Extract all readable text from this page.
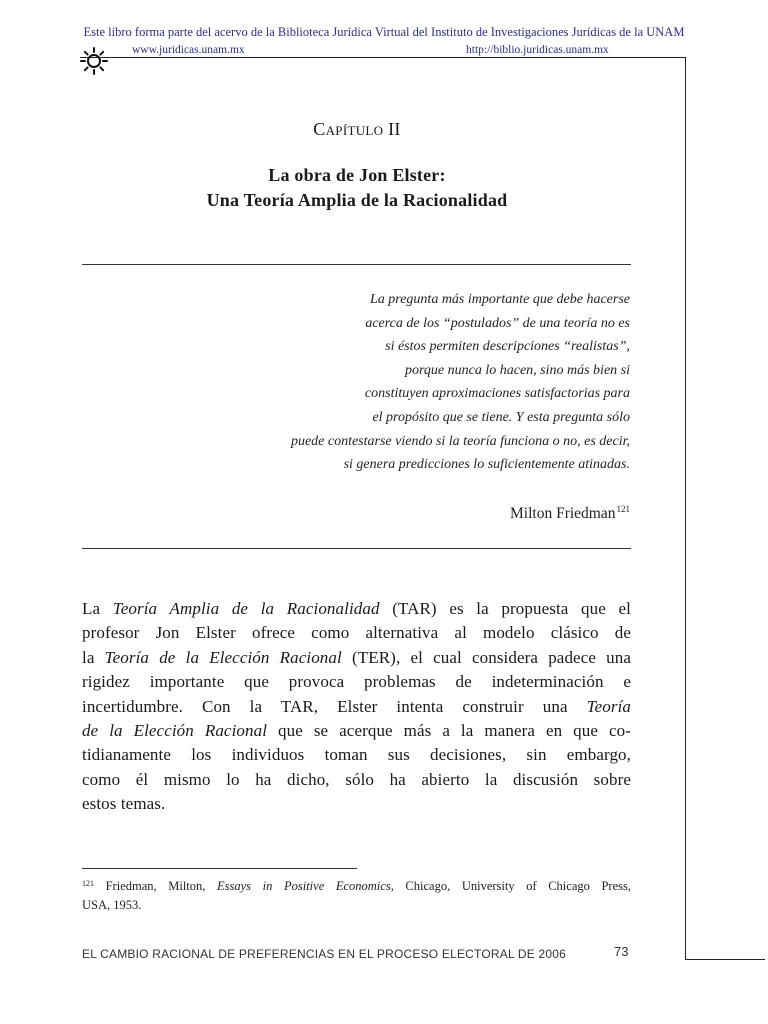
Este libro forma parte del acervo de la Biblioteca Jurídica Virtual del Instituto de Investigaciones Jurídicas de la UNAM
www.juridicas.unam.mx	http://biblio.juridicas.unam.mx
Capítulo II
La obra de Jon Elster:
Una Teoría Amplia de la Racionalidad
La pregunta más importante que debe hacerse
acerca de los “postulados” de una teoría no es
si éstos permiten descripciones “realistas”,
porque nunca lo hacen, sino más bien si
constituyen aproximaciones satisfactorias para
el propósito que se tiene. Y esta pregunta sólo
puede contestarse viendo si la teoría funciona o no, es decir,
si genera predicciones lo suficientemente atinadas.
Milton Friedman$^{121}$
La Teoría Amplia de la Racionalidad (TAR) es la propuesta que el
profesor Jon Elster ofrece como alternativa al modelo clásico de
la Teoría de la Elección Racional (TER), el cual considera padece una
rigidez importante que provoca problemas de indeterminación e
incertidumbre. Con la TAR, Elster intenta construir una Teoría
de la Elección Racional que se acerque más a la manera en que co-
tidianamente los individuos toman sus decisiones, sin embargo,
como él mismo lo ha dicho, sólo ha abierto la discusión sobre
estos temas.
$^{121}$ Friedman, Milton, Essays in Positive Economics, Chicago, University of Chicago Press,
USA, 1953.
EL CAMBIO RACIONAL DE PREFERENCIAS EN EL PROCESO ELECTORAL DE 2006	73
